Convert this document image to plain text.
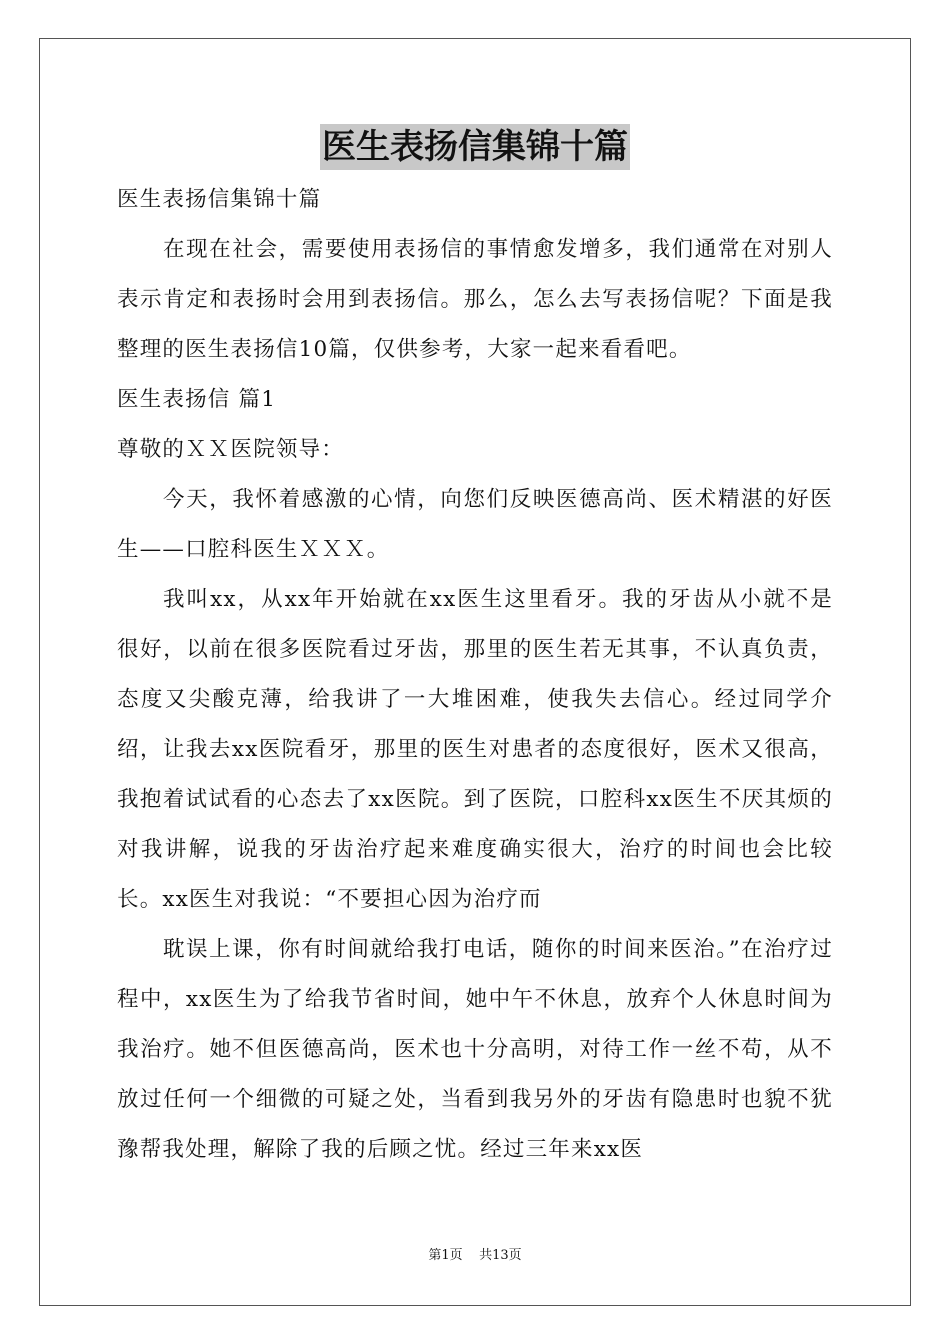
医生表扬信集锦十篇

医生表扬信集锦十篇

在现在社会，需要使用表扬信的事情愈发增多，我们通常在对别人表示肯定和表扬时会用到表扬信。那么，怎么去写表扬信呢？下面是我整理的医生表扬信10篇，仅供参考，大家一起来看看吧。

医生表扬信 篇1

尊敬的ＸＸ医院领导：

今天，我怀着感激的心情，向您们反映医德高尚、医术精湛的好医生——口腔科医生ＸＸＸ。

我叫xx，从xx年开始就在xx医生这里看牙。我的牙齿从小就不是很好，以前在很多医院看过牙齿，那里的医生若无其事，不认真负责，态度又尖酸克薄，给我讲了一大堆困难，使我失去信心。经过同学介绍，让我去xx医院看牙，那里的医生对患者的态度很好，医术又很高，我抱着试试看的心态去了xx医院。到了医院，口腔科xx医生不厌其烦的对我讲解，说我的牙齿治疗起来难度确实很大，治疗的时间也会比较长。xx医生对我说：“不要担心因为治疗而

耽误上课，你有时间就给我打电话，随你的时间来医治。”在治疗过程中，xx医生为了给我节省时间，她中午不休息，放弃个人休息时间为我治疗。她不但医德高尚，医术也十分高明，对待工作一丝不苟，从不放过任何一个细微的可疑之处，当看到我另外的牙齿有隐患时也貌不犹豫帮我处理，解除了我的后顾之忧。经过三年来xx医

第1页    共13页
